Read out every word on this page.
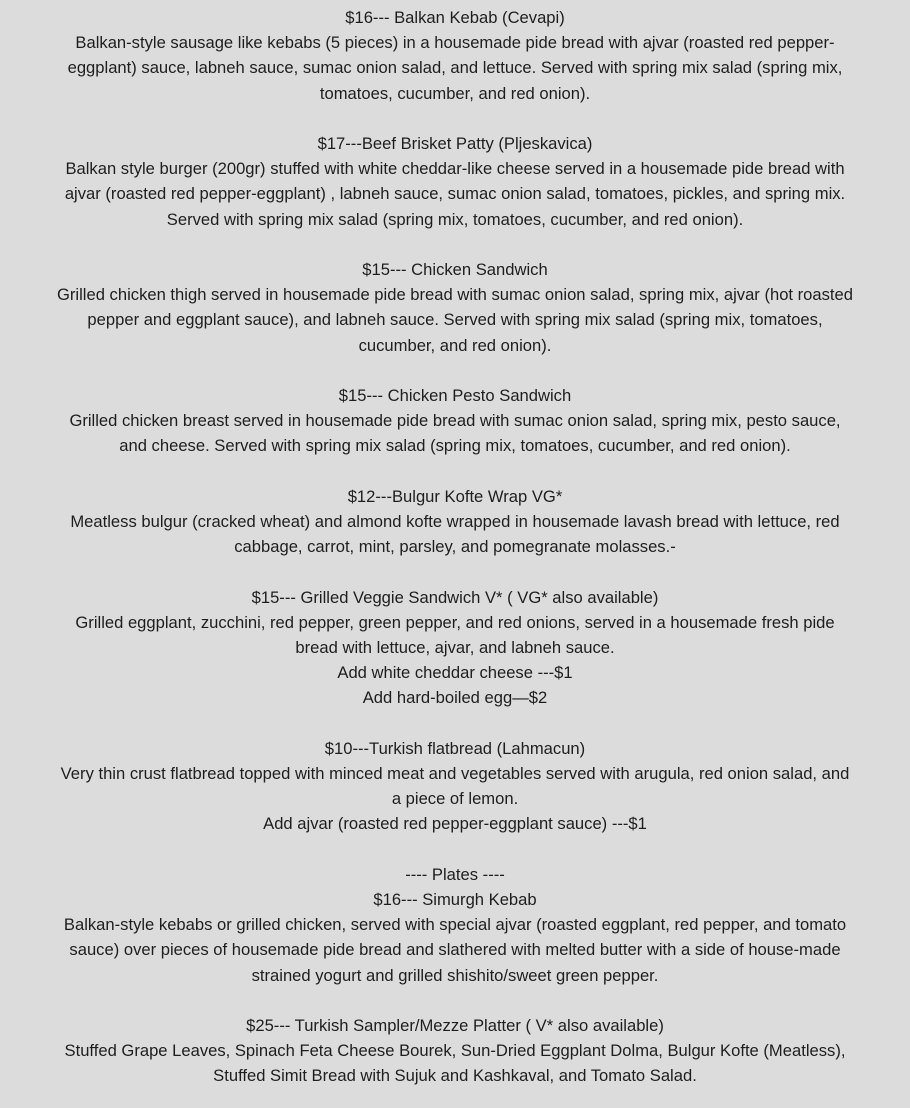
$16--- Balkan Kebab (Cevapi)
Balkan-style sausage like kebabs (5 pieces) in a housemade pide bread with ajvar (roasted red pepper-
eggplant) sauce, labneh sauce, sumac onion salad, and lettuce. Served with spring mix salad (spring mix,
tomatoes, cucumber, and red onion).
$17---Beef Brisket Patty (Pljeskavica)
Balkan style burger (200gr) stuffed with white cheddar-like cheese served in a housemade pide bread with
ajvar (roasted red pepper-eggplant) , labneh sauce, sumac onion salad, tomatoes, pickles, and spring mix.
Served with spring mix salad (spring mix, tomatoes, cucumber, and red onion).
$15--- Chicken Sandwich
Grilled chicken thigh served in housemade pide bread with sumac onion salad, spring mix, ajvar (hot roasted
pepper and eggplant sauce), and labneh sauce. Served with spring mix salad (spring mix, tomatoes,
cucumber, and red onion).
$15--- Chicken Pesto Sandwich
Grilled chicken breast served in housemade pide bread with sumac onion salad, spring mix, pesto sauce,
and cheese. Served with spring mix salad (spring mix, tomatoes, cucumber, and red onion).
$12---Bulgur Kofte Wrap VG*
Meatless bulgur (cracked wheat) and almond kofte wrapped in housemade lavash bread with lettuce, red
cabbage, carrot, mint, parsley, and pomegranate molasses.-
$15--- Grilled Veggie Sandwich V* ( VG* also available)
Grilled eggplant, zucchini, red pepper, green pepper, and red onions, served in a housemade fresh pide
bread with lettuce, ajvar, and labneh sauce.
Add white cheddar cheese ---$1
Add hard-boiled egg—$2
$10---Turkish flatbread (Lahmacun)
Very thin crust flatbread topped with minced meat and vegetables served with arugula, red onion salad, and
a piece of lemon.
Add ajvar (roasted red pepper-eggplant sauce) ---$1
---- Plates ----
$16--- Simurgh Kebab
Balkan-style kebabs or grilled chicken, served with special ajvar (roasted eggplant, red pepper, and tomato
sauce) over pieces of housemade pide bread and slathered with melted butter with a side of house-made
strained yogurt and grilled shishito/sweet green pepper.
$25--- Turkish Sampler/Mezze Platter ( V* also available)
Stuffed Grape Leaves, Spinach Feta Cheese Bourek, Sun-Dried Eggplant Dolma, Bulgur Kofte (Meatless),
Stuffed Simit Bread with Sujuk and Kashkaval, and Tomato Salad.
